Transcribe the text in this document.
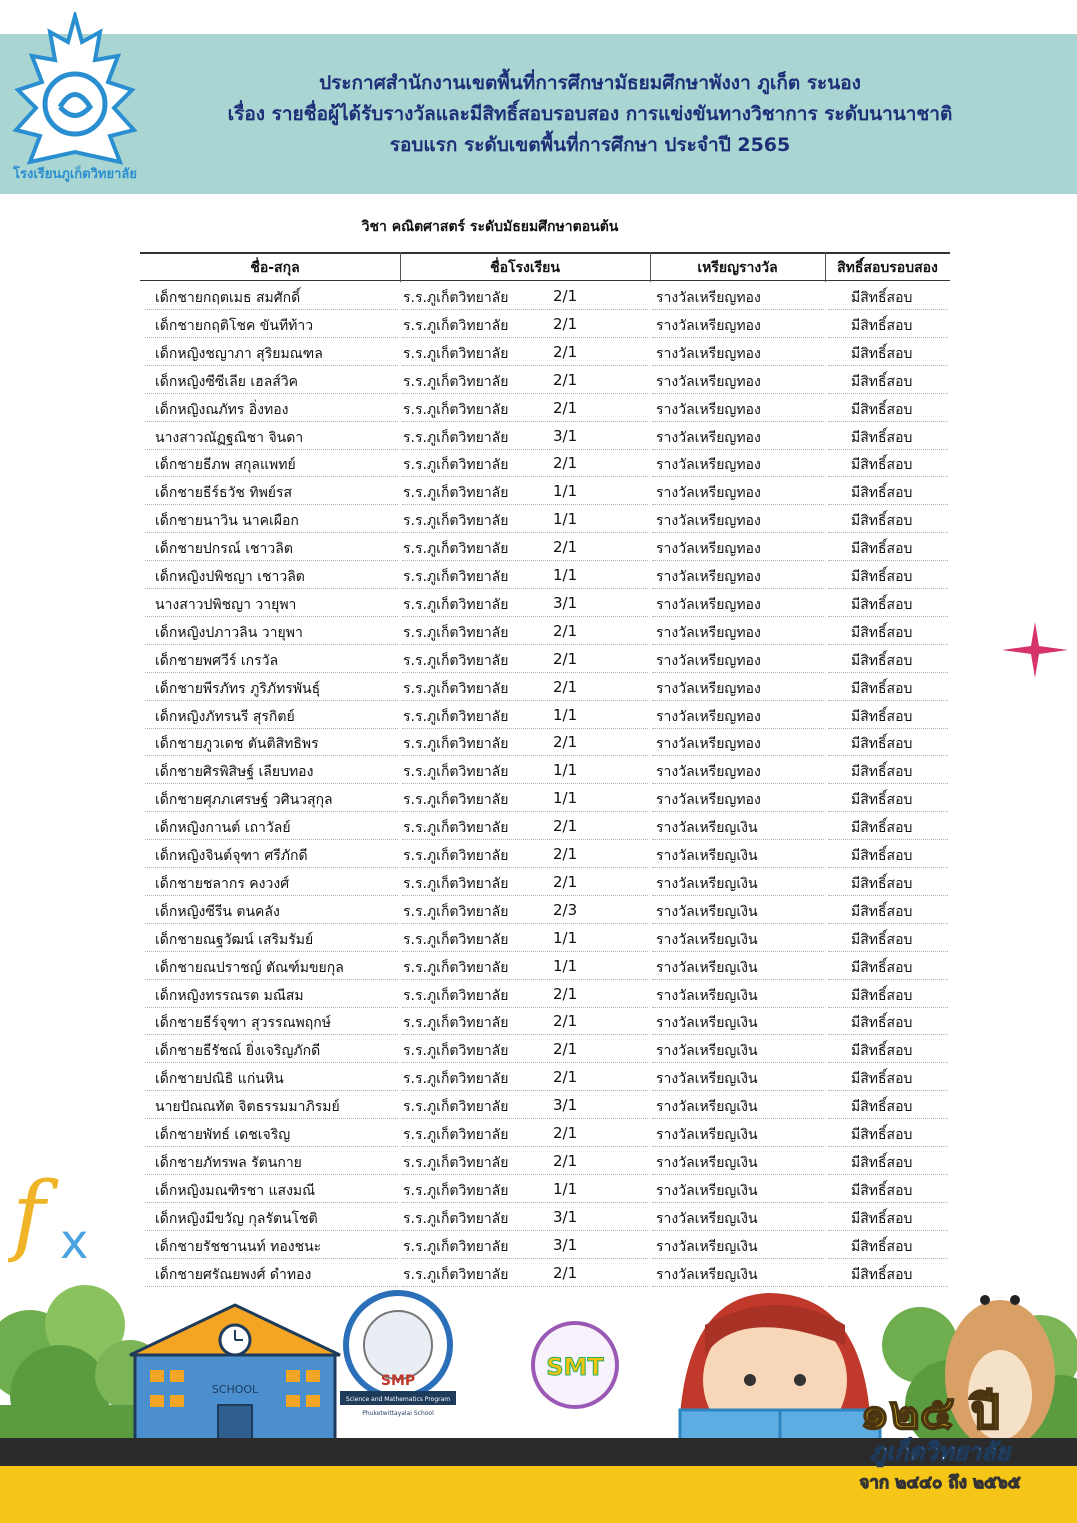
โรงเรียนภูเก็ตวิทยาลัย
ประกาศสำนักงานเขตพื้นที่การศึกษามัธยมศึกษาพังงา ภูเก็ต ระนอง
เรื่อง รายชื่อผู้ได้รับรางวัลและมีสิทธิ์สอบรอบสอง การแข่งขันทางวิชาการ ระดับนานาชาติ
รอบแรก ระดับเขตพื้นที่การศึกษา ประจำปี 2565
วิชา คณิตศาสตร์ ระดับมัธยมศึกษาตอนต้น
ชื่อ-สกุล	ชื่อโรงเรียน	เหรียญรางวัล	สิทธิ์สอบรอบสอง
เด็กชายกฤตเมธ สมศักดิ์	ร.ร.ภูเก็ตวิทยาลัย	2/1	รางวัลเหรียญทอง	มีสิทธิ์สอบ
เด็กชายกฤติโชค ขันทีท้าว	ร.ร.ภูเก็ตวิทยาลัย	2/1	รางวัลเหรียญทอง	มีสิทธิ์สอบ
เด็กหญิงชญาภา สุริยมณฑล	ร.ร.ภูเก็ตวิทยาลัย	2/1	รางวัลเหรียญทอง	มีสิทธิ์สอบ
เด็กหญิงซีซีเลีย เฮลส์วิค	ร.ร.ภูเก็ตวิทยาลัย	2/1	รางวัลเหรียญทอง	มีสิทธิ์สอบ
เด็กหญิงณภัทร อิ่งทอง	ร.ร.ภูเก็ตวิทยาลัย	2/1	รางวัลเหรียญทอง	มีสิทธิ์สอบ
นางสาวณัฏฐณิชา จินดา	ร.ร.ภูเก็ตวิทยาลัย	3/1	รางวัลเหรียญทอง	มีสิทธิ์สอบ
เด็กชายธีภพ สกุลแพทย์	ร.ร.ภูเก็ตวิทยาลัย	2/1	รางวัลเหรียญทอง	มีสิทธิ์สอบ
เด็กชายธีร์ธวัช ทิพย์รส	ร.ร.ภูเก็ตวิทยาลัย	1/1	รางวัลเหรียญทอง	มีสิทธิ์สอบ
เด็กชายนาวิน นาคเผือก	ร.ร.ภูเก็ตวิทยาลัย	1/1	รางวัลเหรียญทอง	มีสิทธิ์สอบ
เด็กชายปกรณ์ เชาวลิต	ร.ร.ภูเก็ตวิทยาลัย	2/1	รางวัลเหรียญทอง	มีสิทธิ์สอบ
เด็กหญิงปพิชญา เชาวลิต	ร.ร.ภูเก็ตวิทยาลัย	1/1	รางวัลเหรียญทอง	มีสิทธิ์สอบ
นางสาวปพิชญา วายุพา	ร.ร.ภูเก็ตวิทยาลัย	3/1	รางวัลเหรียญทอง	มีสิทธิ์สอบ
เด็กหญิงปภาวลิน วายุพา	ร.ร.ภูเก็ตวิทยาลัย	2/1	รางวัลเหรียญทอง	มีสิทธิ์สอบ
เด็กชายพศวีร์ เกรวัล	ร.ร.ภูเก็ตวิทยาลัย	2/1	รางวัลเหรียญทอง	มีสิทธิ์สอบ
เด็กชายพีรภัทร ภูริภัทรพันธุ์	ร.ร.ภูเก็ตวิทยาลัย	2/1	รางวัลเหรียญทอง	มีสิทธิ์สอบ
เด็กหญิงภัทรนรี สุรกิตย์	ร.ร.ภูเก็ตวิทยาลัย	1/1	รางวัลเหรียญทอง	มีสิทธิ์สอบ
เด็กชายภูวเดช ตันติสิทธิพร	ร.ร.ภูเก็ตวิทยาลัย	2/1	รางวัลเหรียญทอง	มีสิทธิ์สอบ
เด็กชายศิรพิสิษฐ์ เลียบทอง	ร.ร.ภูเก็ตวิทยาลัย	1/1	รางวัลเหรียญทอง	มีสิทธิ์สอบ
เด็กชายศุภภเศรษฐ์ วศินวสุกุล	ร.ร.ภูเก็ตวิทยาลัย	1/1	รางวัลเหรียญทอง	มีสิทธิ์สอบ
เด็กหญิงกานต์ เถาวัลย์	ร.ร.ภูเก็ตวิทยาลัย	2/1	รางวัลเหรียญเงิน	มีสิทธิ์สอบ
เด็กหญิงจินต์จุฑา ศรีภักดี	ร.ร.ภูเก็ตวิทยาลัย	2/1	รางวัลเหรียญเงิน	มีสิทธิ์สอบ
เด็กชายชลากร คงวงศ์	ร.ร.ภูเก็ตวิทยาลัย	2/1	รางวัลเหรียญเงิน	มีสิทธิ์สอบ
เด็กหญิงซีรีน ตนคลัง	ร.ร.ภูเก็ตวิทยาลัย	2/3	รางวัลเหรียญเงิน	มีสิทธิ์สอบ
เด็กชายณฐวัฒน์ เสริมรัมย์	ร.ร.ภูเก็ตวิทยาลัย	1/1	รางวัลเหรียญเงิน	มีสิทธิ์สอบ
เด็กชายณปราชญ์ ตัณฑ์มขยกุล	ร.ร.ภูเก็ตวิทยาลัย	1/1	รางวัลเหรียญเงิน	มีสิทธิ์สอบ
เด็กหญิงทรรณรต มณีสม	ร.ร.ภูเก็ตวิทยาลัย	2/1	รางวัลเหรียญเงิน	มีสิทธิ์สอบ
เด็กชายธีร์จุฑา สุวรรณพฤกษ์	ร.ร.ภูเก็ตวิทยาลัย	2/1	รางวัลเหรียญเงิน	มีสิทธิ์สอบ
เด็กชายธีรัชณ์ ยิ่งเจริญภักดี	ร.ร.ภูเก็ตวิทยาลัย	2/1	รางวัลเหรียญเงิน	มีสิทธิ์สอบ
เด็กชายปณิธิ แก่นหิน	ร.ร.ภูเก็ตวิทยาลัย	2/1	รางวัลเหรียญเงิน	มีสิทธิ์สอบ
นายปัณณทัต จิตธรรมมาภิรมย์	ร.ร.ภูเก็ตวิทยาลัย	3/1	รางวัลเหรียญเงิน	มีสิทธิ์สอบ
เด็กชายพัทธ์ เดชเจริญ	ร.ร.ภูเก็ตวิทยาลัย	2/1	รางวัลเหรียญเงิน	มีสิทธิ์สอบ
เด็กชายภัทรพล รัตนกาย	ร.ร.ภูเก็ตวิทยาลัย	2/1	รางวัลเหรียญเงิน	มีสิทธิ์สอบ
เด็กหญิงมณฑิรชา แสงมณี	ร.ร.ภูเก็ตวิทยาลัย	1/1	รางวัลเหรียญเงิน	มีสิทธิ์สอบ
เด็กหญิงมีขวัญ กุลรัตนโชติ	ร.ร.ภูเก็ตวิทยาลัย	3/1	รางวัลเหรียญเงิน	มีสิทธิ์สอบ
เด็กชายรัชชานนท์ ทองชนะ	ร.ร.ภูเก็ตวิทยาลัย	3/1	รางวัลเหรียญเงิน	มีสิทธิ์สอบ
เด็กชายศรัณยพงศ์ ดำทอง	ร.ร.ภูเก็ตวิทยาลัย	2/1	รางวัลเหรียญเงิน	มีสิทธิ์สอบ
ƒ x
SCHOOL
SMP
Science and Mathematics Program
Phuketwittayalai School
SMT
๑๒๕ ปี
ภูเก็ตวิทยาลัย
จาก ๒๔๔๐ ถึง ๒๕๖๕
